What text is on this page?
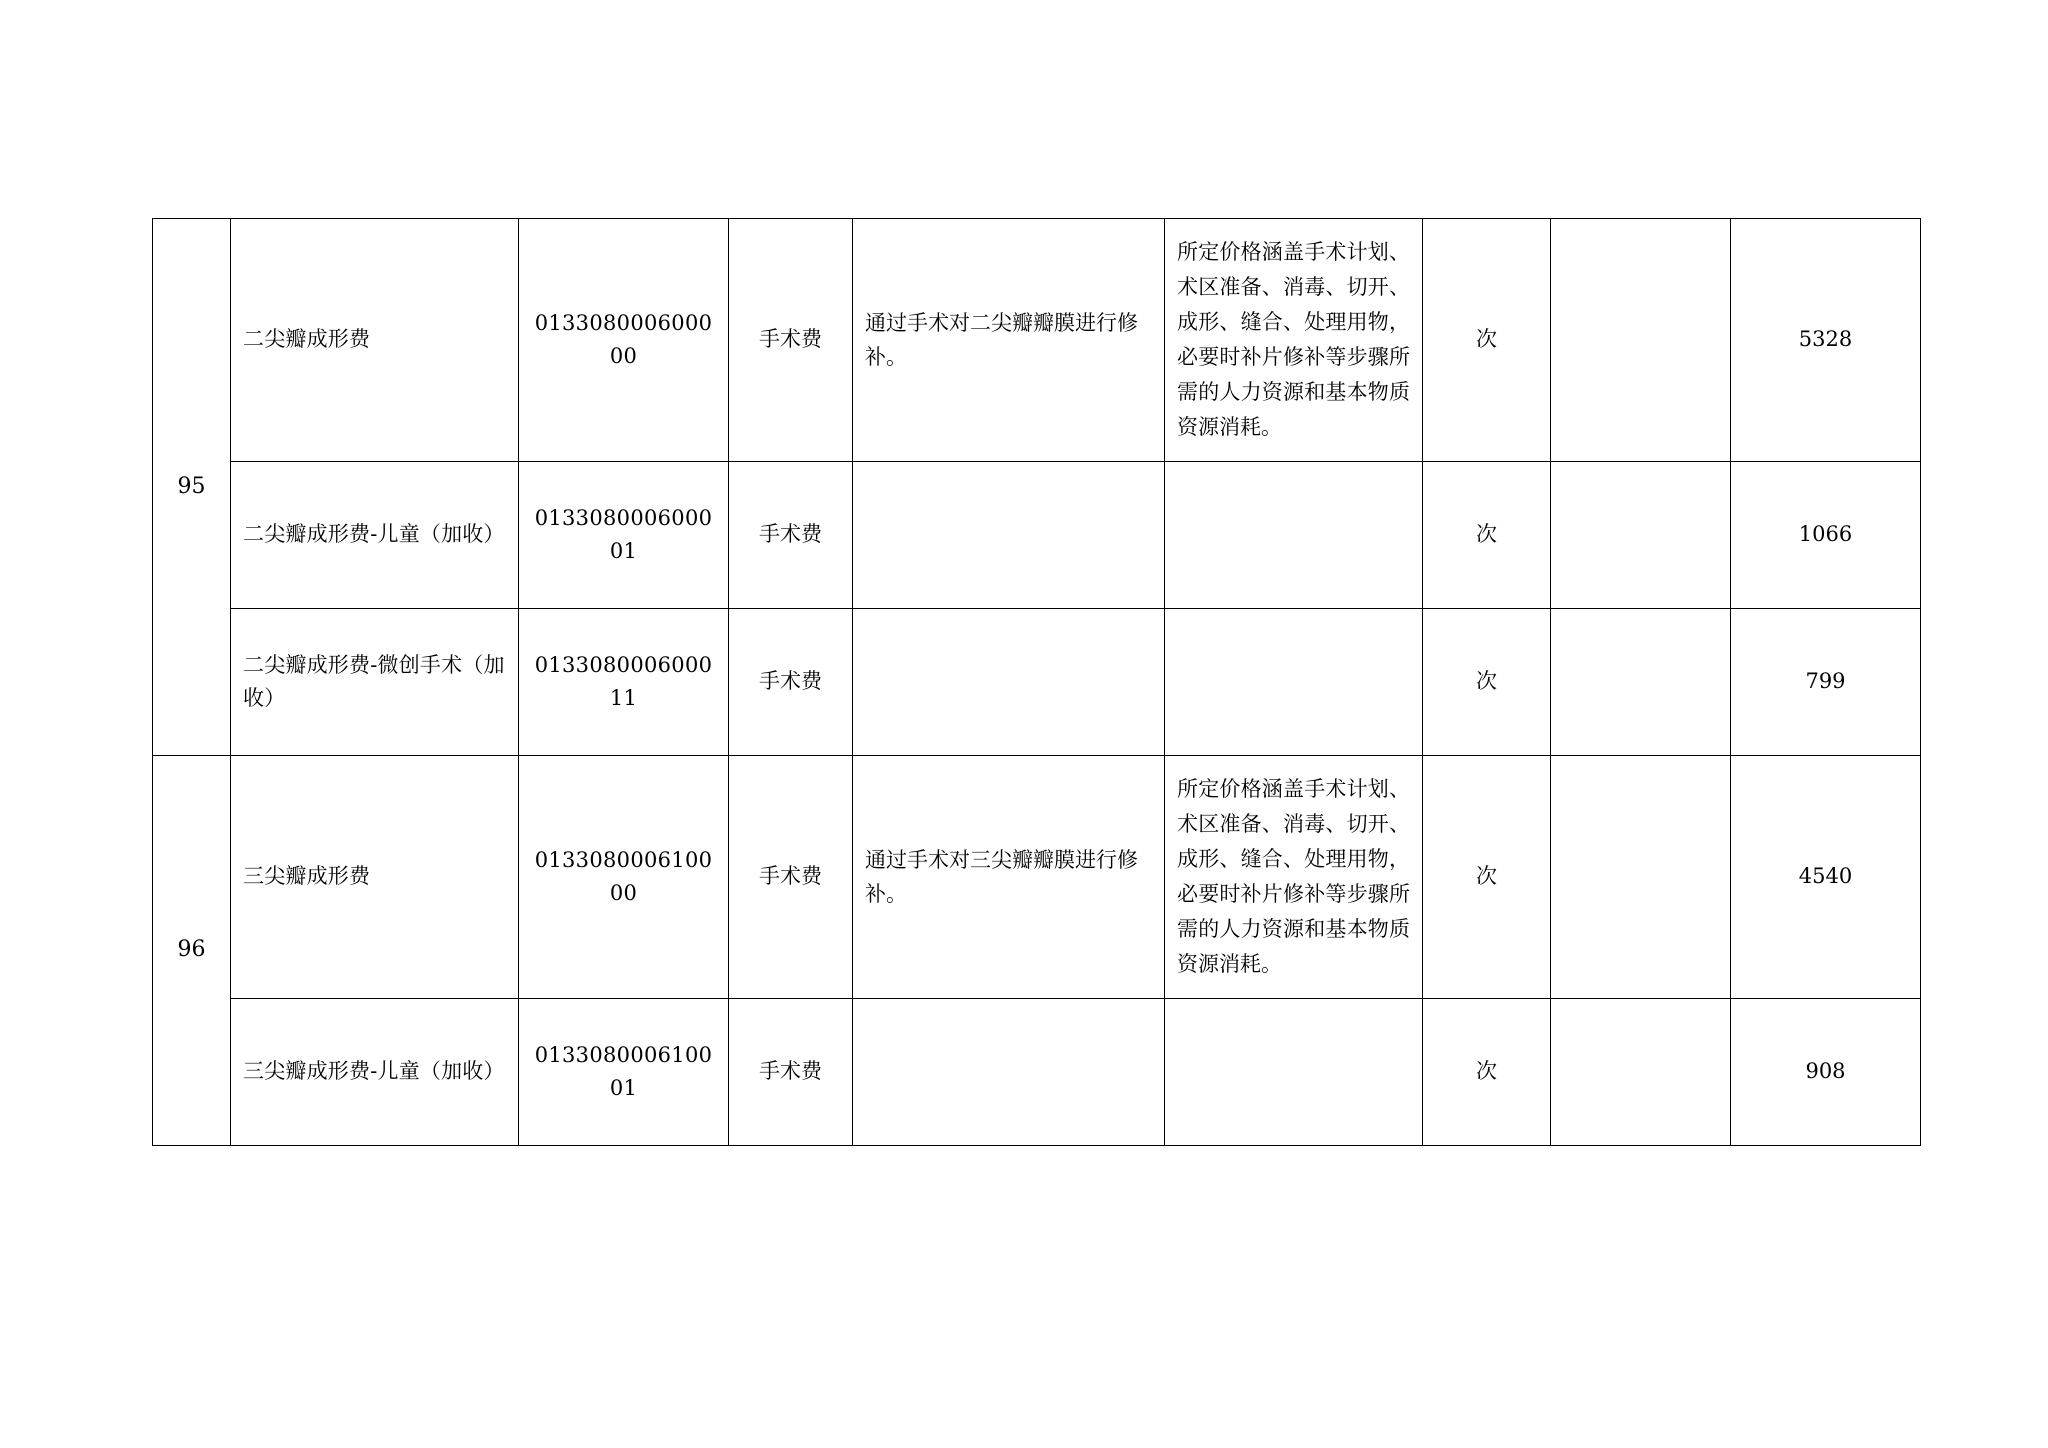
95	二尖瓣成形费	013308000600000	手术费	通过手术对二尖瓣瓣膜进行修补。	所定价格涵盖手术计划、术区准备、消毒、切开、成形、缝合、处理用物，必要时补片修补等步骤所需的人力资源和基本物质资源消耗。	次		5328
	二尖瓣成形费-儿童（加收）	013308000600001	手术费			次		1066
	二尖瓣成形费-微创手术（加收）	013308000600011	手术费			次		799
96	三尖瓣成形费	013308000610000	手术费	通过手术对三尖瓣瓣膜进行修补。	所定价格涵盖手术计划、术区准备、消毒、切开、成形、缝合、处理用物，必要时补片修补等步骤所需的人力资源和基本物质资源消耗。	次		4540
	三尖瓣成形费-儿童（加收）	013308000610001	手术费			次		908
